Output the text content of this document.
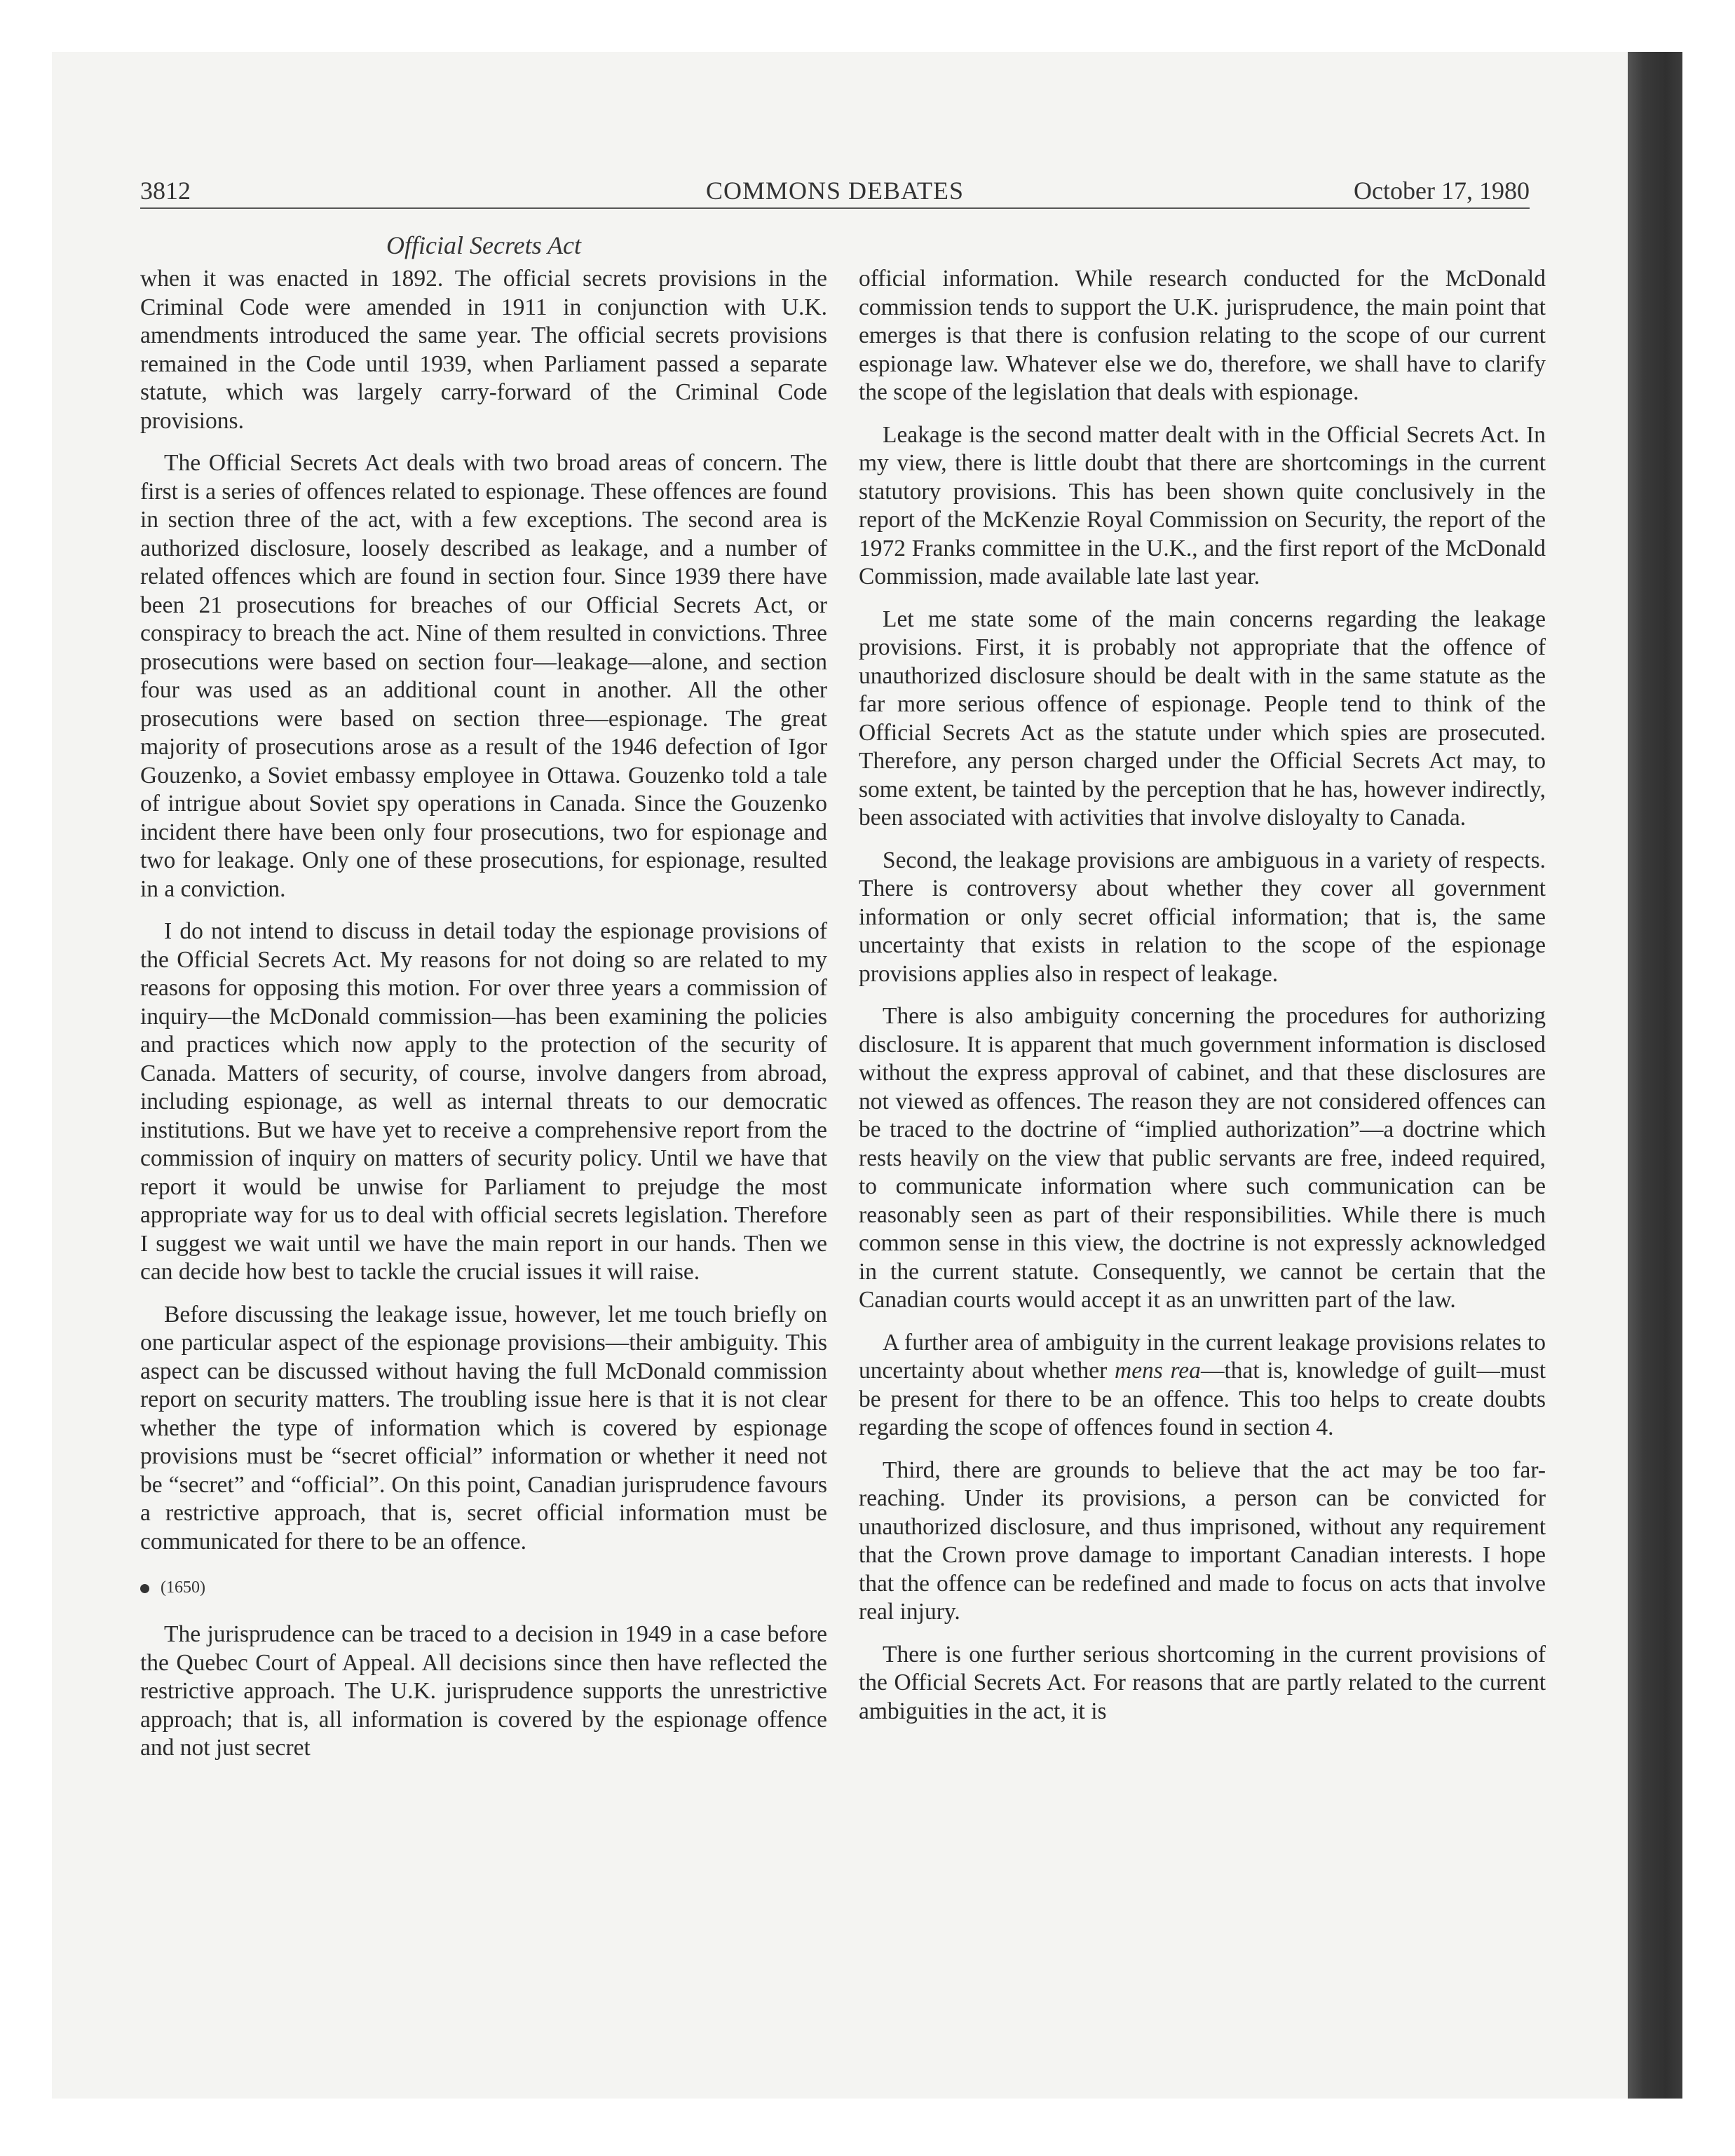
3812	COMMONS DEBATES	October 17, 1980
Official Secrets Act

when it was enacted in 1892. The official secrets provisions in the Criminal Code were amended in 1911 in conjunction with U.K. amendments introduced the same year. The official secrets provisions remained in the Code until 1939, when Parliament passed a separate statute, which was largely carry-forward of the Criminal Code provisions.

The Official Secrets Act deals with two broad areas of concern. The first is a series of offences related to espionage. These offences are found in section three of the act, with a few exceptions. The second area is authorized disclosure, loosely described as leakage, and a number of related offences which are found in section four. Since 1939 there have been 21 prosecutions for breaches of our Official Secrets Act, or conspiracy to breach the act. Nine of them resulted in convictions. Three prosecutions were based on section four—leakage—alone, and section four was used as an additional count in another. All the other prosecutions were based on section three—espionage. The great majority of prosecutions arose as a result of the 1946 defection of Igor Gouzenko, a Soviet embassy employee in Ottawa. Gouzenko told a tale of intrigue about Soviet spy operations in Canada. Since the Gouzenko incident there have been only four prosecutions, two for espionage and two for leakage. Only one of these prosecutions, for espionage, resulted in a conviction.

I do not intend to discuss in detail today the espionage provisions of the Official Secrets Act. My reasons for not doing so are related to my reasons for opposing this motion. For over three years a commission of inquiry—the McDonald commission—has been examining the policies and practices which now apply to the protection of the security of Canada. Matters of security, of course, involve dangers from abroad, including espionage, as well as internal threats to our democratic institutions. But we have yet to receive a comprehensive report from the commission of inquiry on matters of security policy. Until we have that report it would be unwise for Parliament to prejudge the most appropriate way for us to deal with official secrets legislation. Therefore I suggest we wait until we have the main report in our hands. Then we can decide how best to tackle the crucial issues it will raise.

Before discussing the leakage issue, however, let me touch briefly on one particular aspect of the espionage provisions—their ambiguity. This aspect can be discussed without having the full McDonald commission report on security matters. The troubling issue here is that it is not clear whether the type of information which is covered by espionage provisions must be “secret official” information or whether it need not be “secret” and “official”. On this point, Canadian jurisprudence favours a restrictive approach, that is, secret official information must be communicated for there to be an offence.

(1650)

The jurisprudence can be traced to a decision in 1949 in a case before the Quebec Court of Appeal. All decisions since then have reflected the restrictive approach. The U.K. jurisprudence supports the unrestrictive approach; that is, all information is covered by the espionage offence and not just secret

official information. While research conducted for the McDonald commission tends to support the U.K. jurisprudence, the main point that emerges is that there is confusion relating to the scope of our current espionage law. Whatever else we do, therefore, we shall have to clarify the scope of the legislation that deals with espionage.

Leakage is the second matter dealt with in the Official Secrets Act. In my view, there is little doubt that there are shortcomings in the current statutory provisions. This has been shown quite conclusively in the report of the McKenzie Royal Commission on Security, the report of the 1972 Franks committee in the U.K., and the first report of the McDonald Commission, made available late last year.

Let me state some of the main concerns regarding the leakage provisions. First, it is probably not appropriate that the offence of unauthorized disclosure should be dealt with in the same statute as the far more serious offence of espionage. People tend to think of the Official Secrets Act as the statute under which spies are prosecuted. Therefore, any person charged under the Official Secrets Act may, to some extent, be tainted by the perception that he has, however indirectly, been associated with activities that involve disloyalty to Canada.

Second, the leakage provisions are ambiguous in a variety of respects. There is controversy about whether they cover all government information or only secret official information; that is, the same uncertainty that exists in relation to the scope of the espionage provisions applies also in respect of leakage.

There is also ambiguity concerning the procedures for authorizing disclosure. It is apparent that much government information is disclosed without the express approval of cabinet, and that these disclosures are not viewed as offences. The reason they are not considered offences can be traced to the doctrine of “implied authorization”—a doctrine which rests heavily on the view that public servants are free, indeed required, to communicate information where such communication can be reasonably seen as part of their responsibilities. While there is much common sense in this view, the doctrine is not expressly acknowledged in the current statute. Consequently, we cannot be certain that the Canadian courts would accept it as an unwritten part of the law.

A further area of ambiguity in the current leakage provisions relates to uncertainty about whether mens rea—that is, knowledge of guilt—must be present for there to be an offence. This too helps to create doubts regarding the scope of offences found in section 4.

Third, there are grounds to believe that the act may be too far-reaching. Under its provisions, a person can be convicted for unauthorized disclosure, and thus imprisoned, without any requirement that the Crown prove damage to important Canadian interests. I hope that the offence can be redefined and made to focus on acts that involve real injury.

There is one further serious shortcoming in the current provisions of the Official Secrets Act. For reasons that are partly related to the current ambiguities in the act, it is
